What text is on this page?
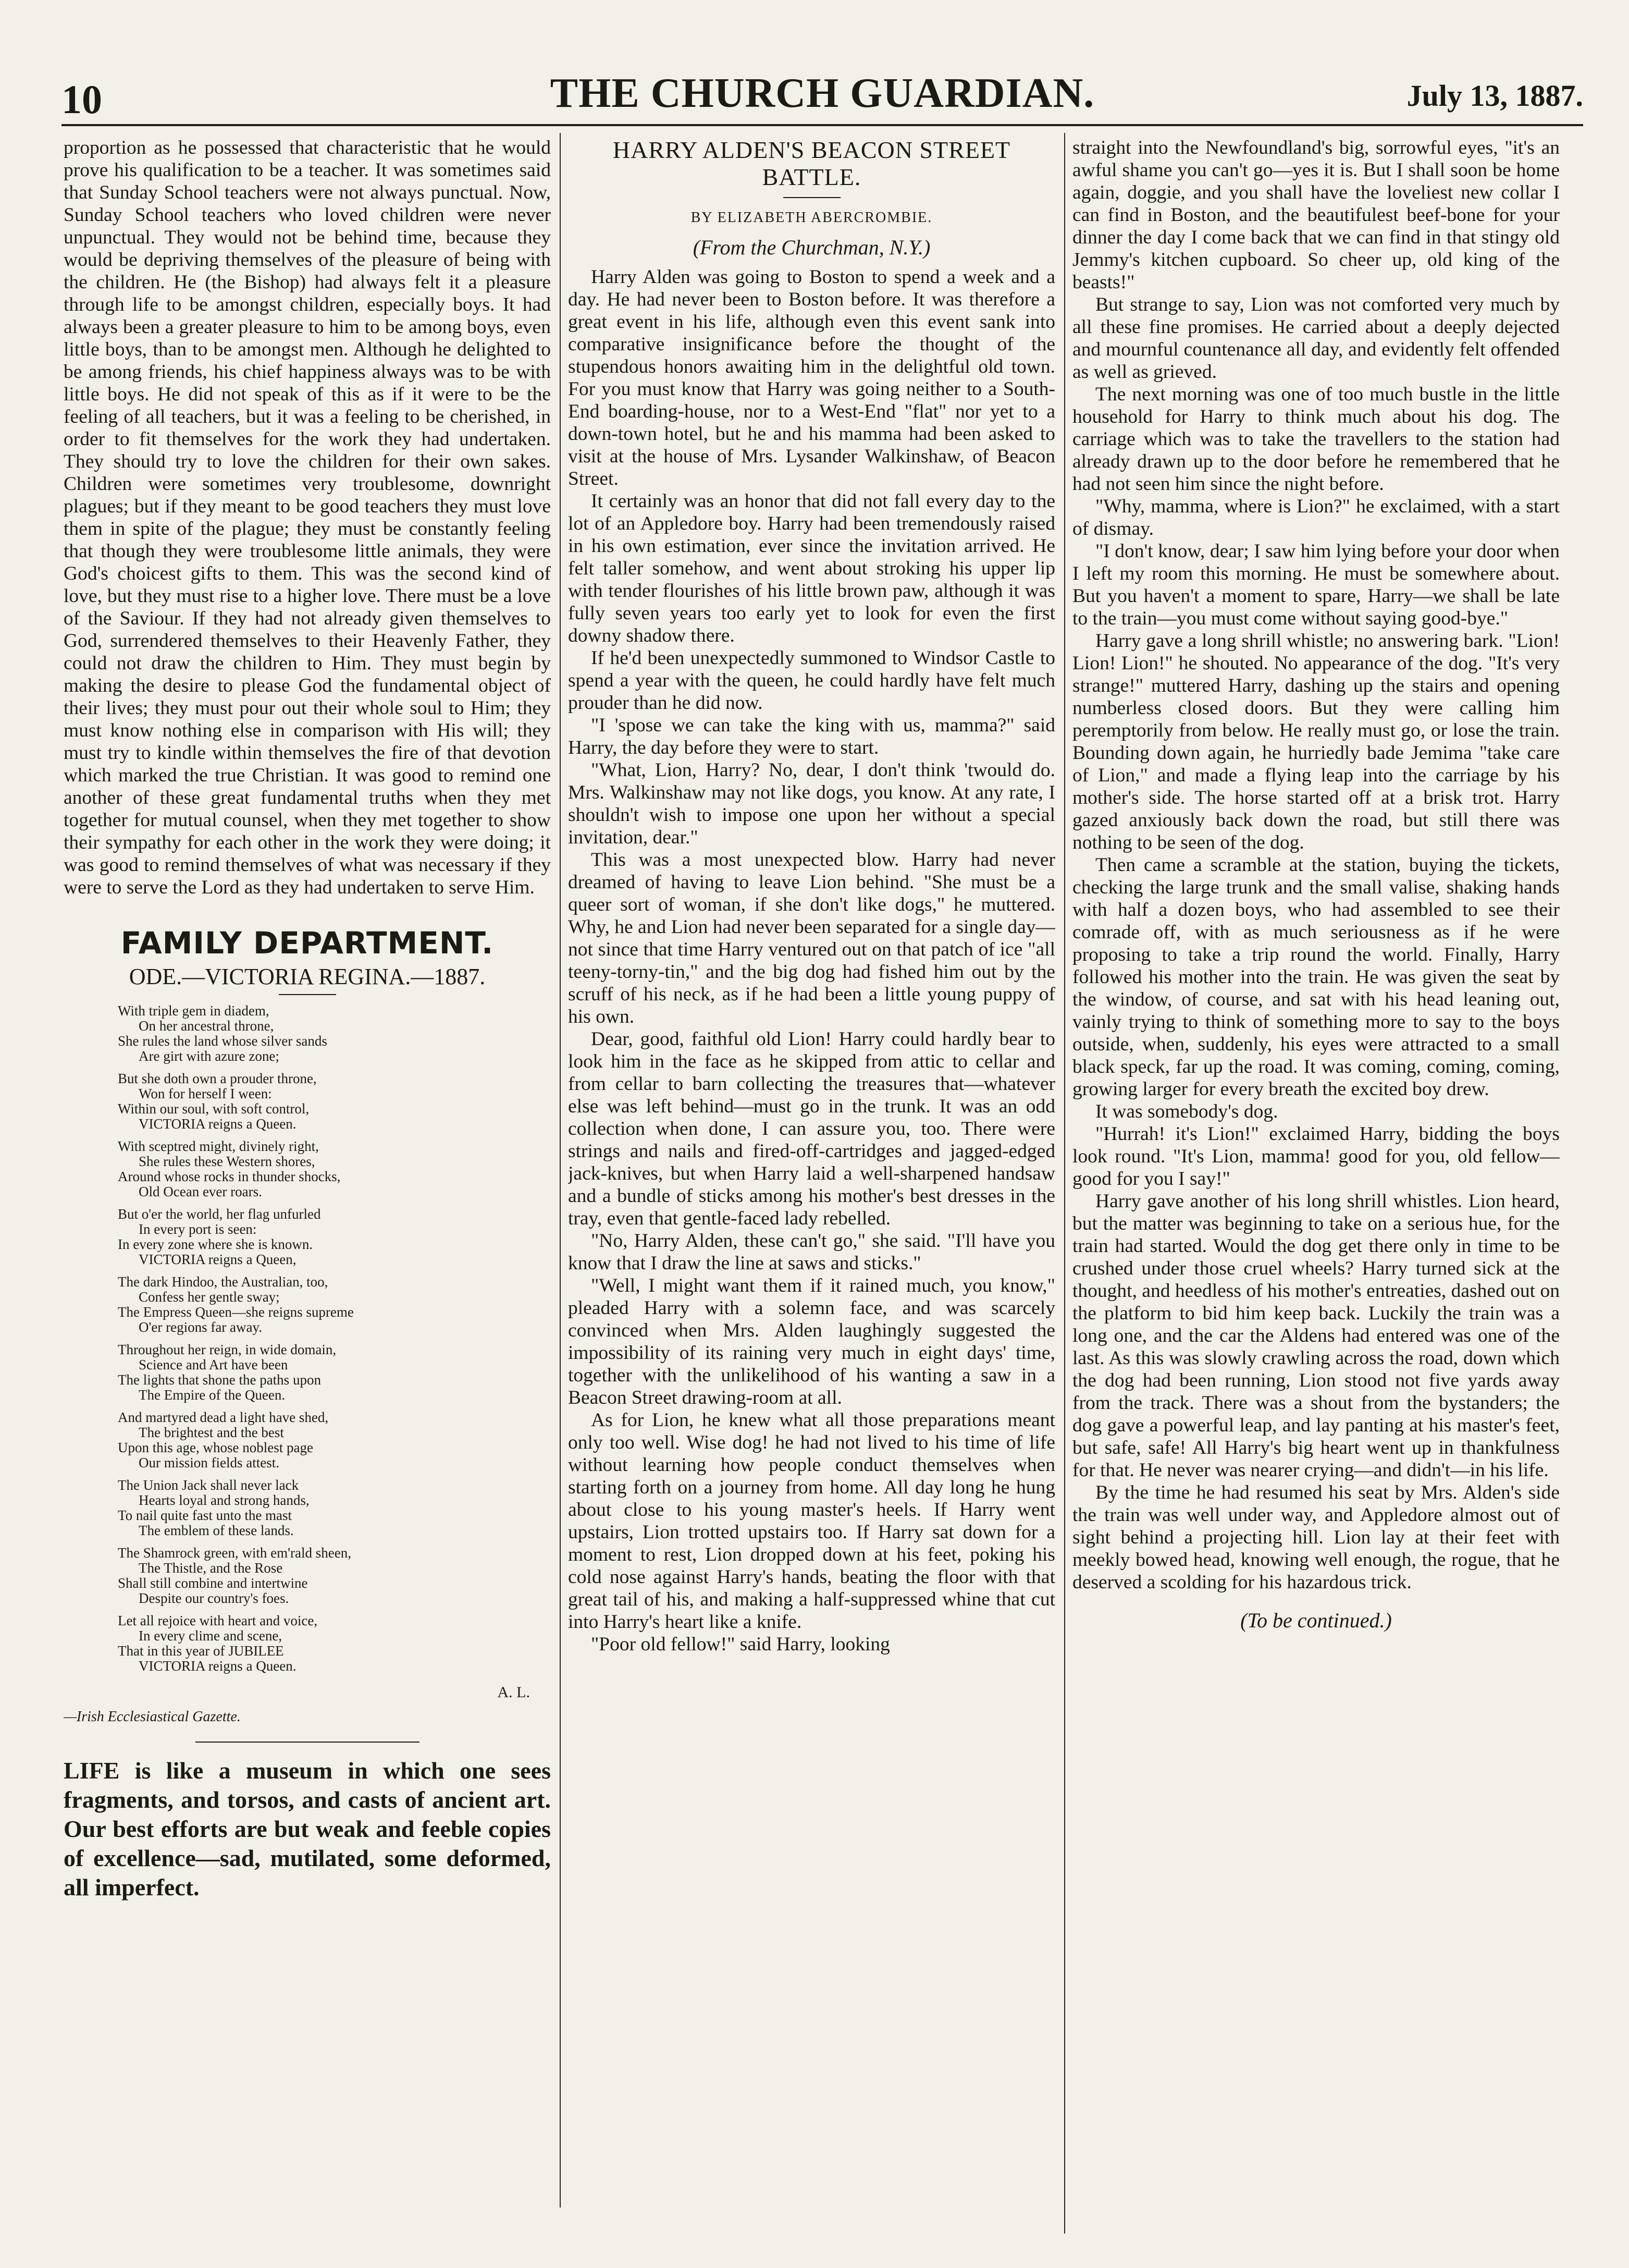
10	THE CHURCH GUARDIAN.	July 13, 1887.

proportion as he possessed that characteristic that he would prove his qualification to be a teacher. It was sometimes said that Sunday School teachers were not always punctual. Now, Sunday School teachers who loved children were never unpunctual. They would not be behind time, because they would be depriving themselves of the pleasure of being with the children. He (the Bishop) had always felt it a pleasure through life to be amongst children, especially boys. It had always been a greater pleasure to him to be among boys, even little boys, than to be amongst men. Although he delighted to be among friends, his chief happiness always was to be with little boys. He did not speak of this as if it were to be the feeling of all teachers, but it was a feeling to be cherished, in order to fit themselves for the work they had undertaken. They should try to love the children for their own sakes. Children were sometimes very troublesome, downright plagues; but if they meant to be good teachers they must love them in spite of the plague; they must be constantly feeling that though they were troublesome little animals, they were God's choicest gifts to them. This was the second kind of love, but they must rise to a higher love. There must be a love of the Saviour. If they had not already given themselves to God, surrendered themselves to their Heavenly Father, they could not draw the children to Him. They must begin by making the desire to please God the fundamental object of their lives; they must pour out their whole soul to Him; they must know nothing else in comparison with His will; they must try to kindle within themselves the fire of that devotion which marked the true Christian. It was good to remind one another of these great fundamental truths when they met together for mutual counsel, when they met together to show their sympathy for each other in the work they were doing; it was good to remind themselves of what was necessary if they were to serve the Lord as they had undertaken to serve Him.

FAMILY DEPARTMENT.
ODE.—VICTORIA REGINA.—1887.
With triple gem in diadem,
On her ancestral throne,
She rules the land whose silver sands
Are girt with azure zone;
But she doth own a prouder throne,
Won for herself I ween:
Within our soul, with soft control,
VICTORIA reigns a Queen.
With sceptred might, divinely right,
She rules these Western shores,
Around whose rocks in thunder shocks,
Old Ocean ever roars.
But o'er the world, her flag unfurled
In every port is seen:
In every zone where she is known.
VICTORIA reigns a Queen,
The dark Hindoo, the Australian, too,
Confess her gentle sway;
The Empress Queen—she reigns supreme
O'er regions far away.
Throughout her reign, in wide domain,
Science and Art have been
The lights that shone the paths upon
The Empire of the Queen.
And martyred dead a light have shed,
The brightest and the best
Upon this age, whose noblest page
Our mission fields attest.
The Union Jack shall never lack
Hearts loyal and strong hands,
To nail quite fast unto the mast
The emblem of these lands.
The Shamrock green, with em'rald sheen,
The Thistle, and the Rose
Shall still combine and intertwine
Despite our country's foes.
Let all rejoice with heart and voice,
In every clime and scene,
That in this year of JUBILEE
VICTORIA reigns a Queen.
A. L.
—Irish Ecclesiastical Gazette.

LIFE is like a museum in which one sees fragments, and torsos, and casts of ancient art. Our best efforts are but weak and feeble copies of excellence—sad, mutilated, some deformed, all imperfect.

HARRY ALDEN'S BEACON STREET BATTLE.
BY ELIZABETH ABERCROMBIE.
(From the Churchman, N.Y.)

Harry Alden was going to Boston to spend a week and a day. He had never been to Boston before. It was therefore a great event in his life, although even this event sank into comparative insignificance before the thought of the stupendous honors awaiting him in the delightful old town. For you must know that Harry was going neither to a South-End boarding-house, nor to a West-End "flat" nor yet to a down-town hotel, but he and his mamma had been asked to visit at the house of Mrs. Lysander Walkinshaw, of Beacon Street.

It certainly was an honor that did not fall every day to the lot of an Appledore boy. Harry had been tremendously raised in his own estimation, ever since the invitation arrived. He felt taller somehow, and went about stroking his upper lip with tender flourishes of his little brown paw, although it was fully seven years too early yet to look for even the first downy shadow there.

If he'd been unexpectedly summoned to Windsor Castle to spend a year with the queen, he could hardly have felt much prouder than he did now.

"I 'spose we can take the king with us, mamma?" said Harry, the day before they were to start.

"What, Lion, Harry? No, dear, I don't think 'twould do. Mrs. Walkinshaw may not like dogs, you know. At any rate, I shouldn't wish to impose one upon her without a special invitation, dear."

This was a most unexpected blow. Harry had never dreamed of having to leave Lion behind. "She must be a queer sort of woman, if she don't like dogs," he muttered. Why, he and Lion had never been separated for a single day—not since that time Harry ventured out on that patch of ice "all teeny-torny-tin," and the big dog had fished him out by the scruff of his neck, as if he had been a little young puppy of his own.

Dear, good, faithful old Lion! Harry could hardly bear to look him in the face as he skipped from attic to cellar and from cellar to barn collecting the treasures that—whatever else was left behind—must go in the trunk. It was an odd collection when done, I can assure you, too. There were strings and nails and fired-off-cartridges and jagged-edged jack-knives, but when Harry laid a well-sharpened handsaw and a bundle of sticks among his mother's best dresses in the tray, even that gentle-faced lady rebelled.

"No, Harry Alden, these can't go," she said. "I'll have you know that I draw the line at saws and sticks."

"Well, I might want them if it rained much, you know," pleaded Harry with a solemn face, and was scarcely convinced when Mrs. Alden laughingly suggested the impossibility of its raining very much in eight days' time, together with the unlikelihood of his wanting a saw in a Beacon Street drawing-room at all.

As for Lion, he knew what all those preparations meant only too well. Wise dog! he had not lived to his time of life without learning how people conduct themselves when starting forth on a journey from home. All day long he hung about close to his young master's heels. If Harry went upstairs, Lion trotted upstairs too. If Harry sat down for a moment to rest, Lion dropped down at his feet, poking his cold nose against Harry's hands, beating the floor with that great tail of his, and making a half-suppressed whine that cut into Harry's heart like a knife.

"Poor old fellow!" said Harry, looking

straight into the Newfoundland's big, sorrowful eyes, "it's an awful shame you can't go—yes it is. But I shall soon be home again, doggie, and you shall have the loveliest new collar I can find in Boston, and the beautifulest beef-bone for your dinner the day I come back that we can find in that stingy old Jemmy's kitchen cupboard. So cheer up, old king of the beasts!"

But strange to say, Lion was not comforted very much by all these fine promises. He carried about a deeply dejected and mournful countenance all day, and evidently felt offended as well as grieved.

The next morning was one of too much bustle in the little household for Harry to think much about his dog. The carriage which was to take the travellers to the station had already drawn up to the door before he remembered that he had not seen him since the night before.

"Why, mamma, where is Lion?" he exclaimed, with a start of dismay.

"I don't know, dear; I saw him lying before your door when I left my room this morning. He must be somewhere about. But you haven't a moment to spare, Harry—we shall be late to the train—you must come without saying good-bye."

Harry gave a long shrill whistle; no answering bark. "Lion! Lion! Lion!" he shouted. No appearance of the dog. "It's very strange!" muttered Harry, dashing up the stairs and opening numberless closed doors. But they were calling him peremptorily from below. He really must go, or lose the train. Bounding down again, he hurriedly bade Jemima "take care of Lion," and made a flying leap into the carriage by his mother's side. The horse started off at a brisk trot. Harry gazed anxiously back down the road, but still there was nothing to be seen of the dog.

Then came a scramble at the station, buying the tickets, checking the large trunk and the small valise, shaking hands with half a dozen boys, who had assembled to see their comrade off, with as much seriousness as if he were proposing to take a trip round the world. Finally, Harry followed his mother into the train. He was given the seat by the window, of course, and sat with his head leaning out, vainly trying to think of something more to say to the boys outside, when, suddenly, his eyes were attracted to a small black speck, far up the road. It was coming, coming, coming, growing larger for every breath the excited boy drew.

It was somebody's dog.

"Hurrah! it's Lion!" exclaimed Harry, bidding the boys look round. "It's Lion, mamma! good for you, old fellow—good for you I say!"

Harry gave another of his long shrill whistles. Lion heard, but the matter was beginning to take on a serious hue, for the train had started. Would the dog get there only in time to be crushed under those cruel wheels? Harry turned sick at the thought, and heedless of his mother's entreaties, dashed out on the platform to bid him keep back. Luckily the train was a long one, and the car the Aldens had entered was one of the last. As this was slowly crawling across the road, down which the dog had been running, Lion stood not five yards away from the track. There was a shout from the bystanders; the dog gave a powerful leap, and lay panting at his master's feet, but safe, safe! All Harry's big heart went up in thankfulness for that. He never was nearer crying—and didn't—in his life.

By the time he had resumed his seat by Mrs. Alden's side the train was well under way, and Appledore almost out of sight behind a projecting hill. Lion lay at their feet with meekly bowed head, knowing well enough, the rogue, that he deserved a scolding for his hazardous trick.

(To be continued.)
